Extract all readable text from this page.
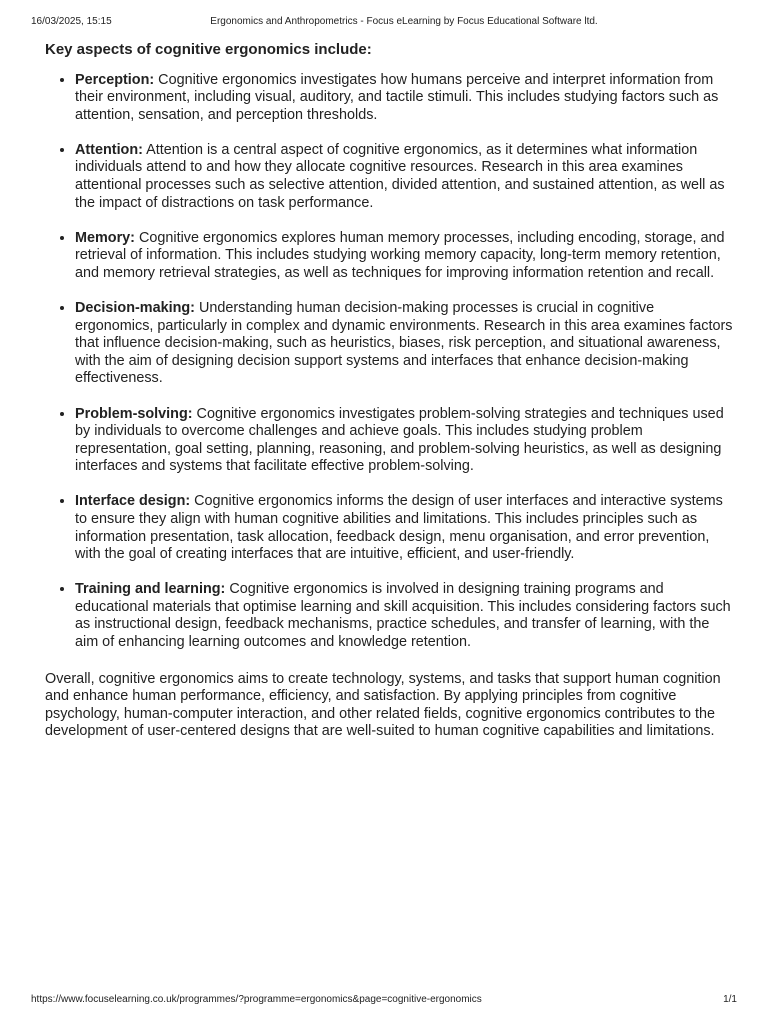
16/03/2025, 15:15	Ergonomics and Anthropometrics - Focus eLearning by Focus Educational Software ltd.
Key aspects of cognitive ergonomics include:
• Perception: Cognitive ergonomics investigates how humans perceive and interpret information from their environment, including visual, auditory, and tactile stimuli. This includes studying factors such as attention, sensation, and perception thresholds.
• Attention: Attention is a central aspect of cognitive ergonomics, as it determines what information individuals attend to and how they allocate cognitive resources. Research in this area examines attentional processes such as selective attention, divided attention, and sustained attention, as well as the impact of distractions on task performance.
• Memory: Cognitive ergonomics explores human memory processes, including encoding, storage, and retrieval of information. This includes studying working memory capacity, long-term memory retention, and memory retrieval strategies, as well as techniques for improving information retention and recall.
• Decision-making: Understanding human decision-making processes is crucial in cognitive ergonomics, particularly in complex and dynamic environments. Research in this area examines factors that influence decision-making, such as heuristics, biases, risk perception, and situational awareness, with the aim of designing decision support systems and interfaces that enhance decision-making effectiveness.
• Problem-solving: Cognitive ergonomics investigates problem-solving strategies and techniques used by individuals to overcome challenges and achieve goals. This includes studying problem representation, goal setting, planning, reasoning, and problem-solving heuristics, as well as designing interfaces and systems that facilitate effective problem-solving.
• Interface design: Cognitive ergonomics informs the design of user interfaces and interactive systems to ensure they align with human cognitive abilities and limitations. This includes principles such as information presentation, task allocation, feedback design, menu organisation, and error prevention, with the goal of creating interfaces that are intuitive, efficient, and user-friendly.
• Training and learning: Cognitive ergonomics is involved in designing training programs and educational materials that optimise learning and skill acquisition. This includes considering factors such as instructional design, feedback mechanisms, practice schedules, and transfer of learning, with the aim of enhancing learning outcomes and knowledge retention.

Overall, cognitive ergonomics aims to create technology, systems, and tasks that support human cognition and enhance human performance, efficiency, and satisfaction. By applying principles from cognitive psychology, human-computer interaction, and other related fields, cognitive ergonomics contributes to the development of user-centered designs that are well-suited to human cognitive capabilities and limitations.

https://www.focuselearning.co.uk/programmes/?programme=ergonomics&page=cognitive-ergonomics	1/1
